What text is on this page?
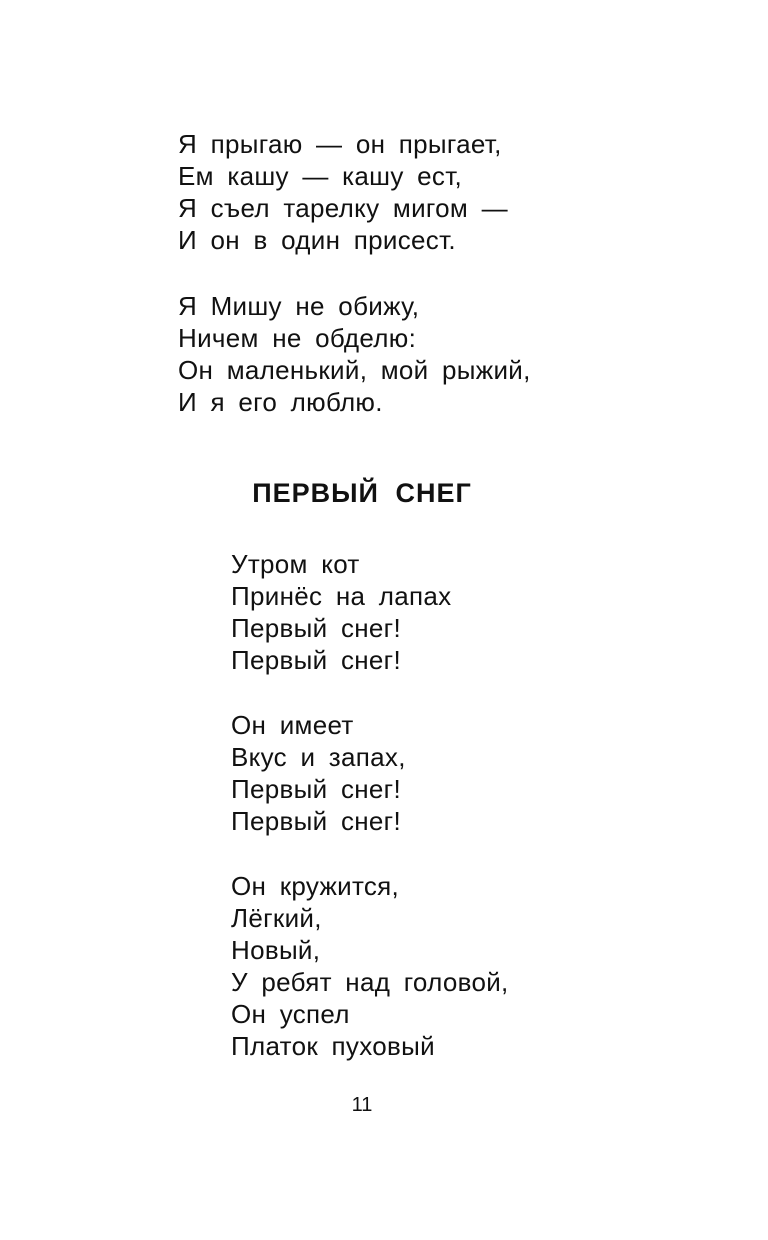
Я прыгаю — он прыгает,
Ем кашу — кашу ест,
Я съел тарелку мигом —
И он в один присест.
Я Мишу не обижу,
Ничем не обделю:
Он маленький, мой рыжий,
И я его люблю.
ПЕРВЫЙ СНЕГ
Утром кот
Принёс на лапах
Первый снег!
Первый снег!
Он имеет
Вкус и запах,
Первый снег!
Первый снег!
Он кружится,
Лёгкий,
Новый,
У ребят над головой,
Он успел
Платок пуховый
11
